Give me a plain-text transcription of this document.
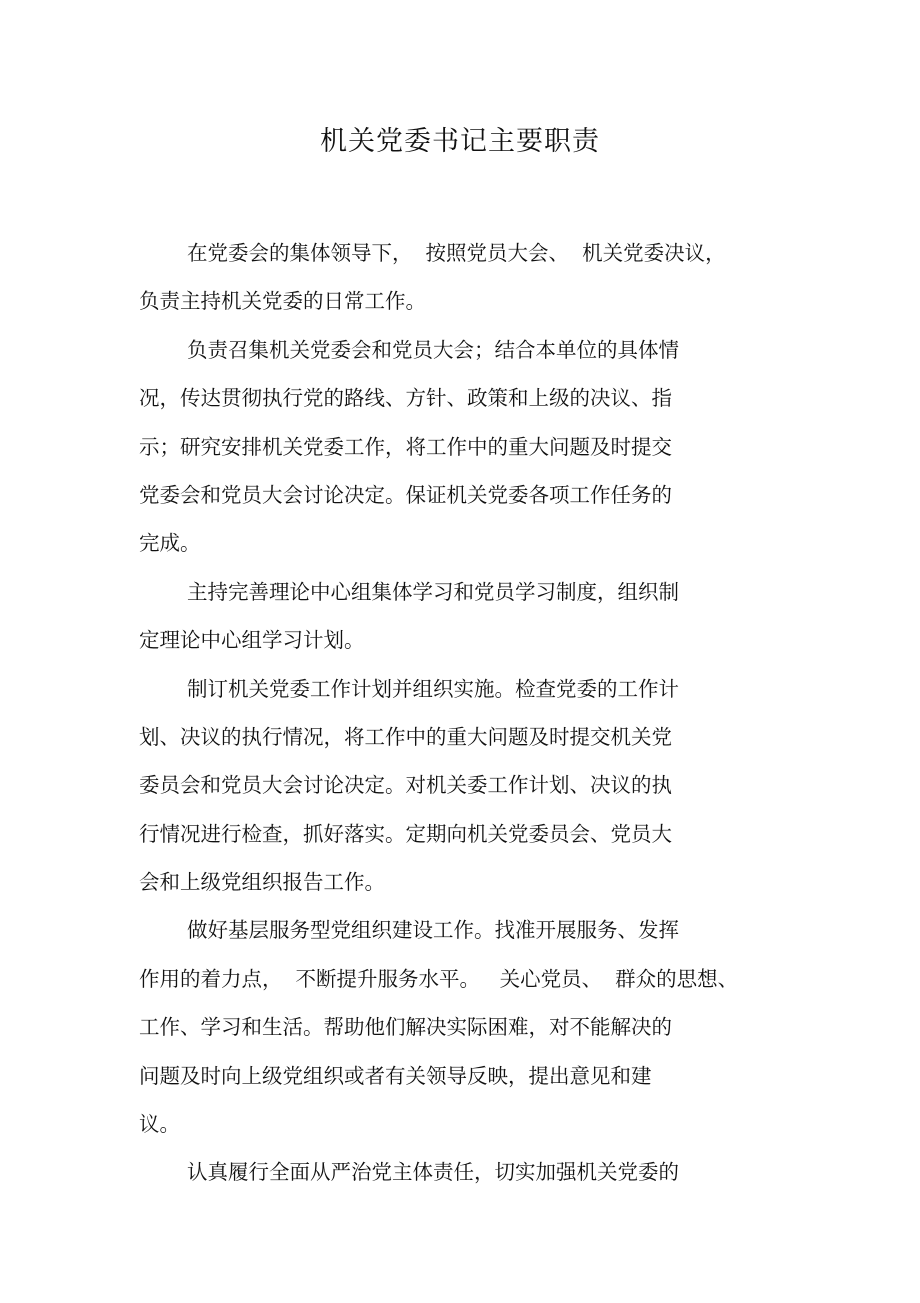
机关党委书记主要职责
在党委会的集体领导下，  按照党员大会、  机关党委决议，
负责主持机关党委的日常工作。
负责召集机关党委会和党员大会；结合本单位的具体情
况，传达贯彻执行党的路线、方针、政策和上级的决议、指
示；研究安排机关党委工作，将工作中的重大问题及时提交
党委会和党员大会讨论决定。保证机关党委各项工作任务的
完成。
主持完善理论中心组集体学习和党员学习制度，组织制
定理论中心组学习计划。
制订机关党委工作计划并组织实施。检查党委的工作计
划、决议的执行情况，将工作中的重大问题及时提交机关党
委员会和党员大会讨论决定。对机关委工作计划、决议的执
行情况进行检查，抓好落实。定期向机关党委员会、党员大
会和上级党组织报告工作。
做好基层服务型党组织建设工作。找准开展服务、发挥
作用的着力点，  不断提升服务水平。   关心党员、  群众的思想、
工作、学习和生活。帮助他们解决实际困难，对不能解决的
问题及时向上级党组织或者有关领导反映，提出意见和建
议。
认真履行全面从严治党主体责任，切实加强机关党委的
